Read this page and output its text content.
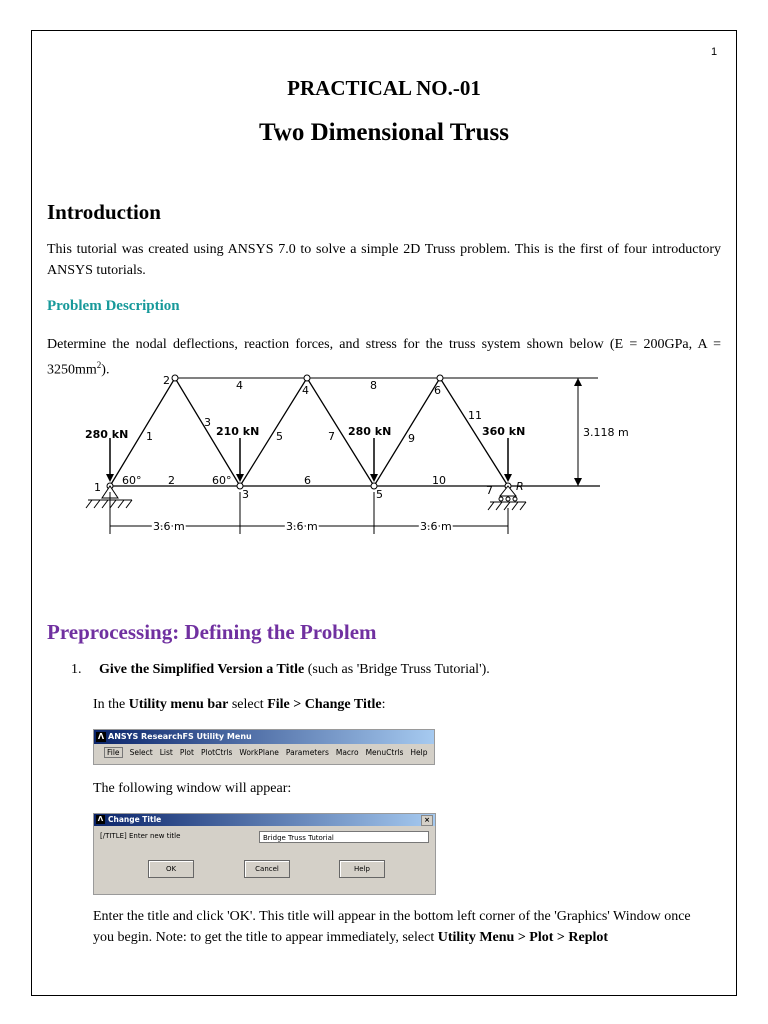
1
PRACTICAL NO.-01
Two Dimensional Truss
Introduction
This tutorial was created using ANSYS 7.0 to solve a simple 2D Truss problem. This is the first of four introductory ANSYS tutorials.
Problem Description
Determine the nodal deflections, reaction forces, and stress for the truss system shown below (E = 200GPa, $A = 3250mm^2$).
3.118 m
3.6 m	3.6 m	3.6 m
280 kN	210 kN	280 kN	360 kN
1
2
3
4
5
6
7
1
2
3
4
5
6
7
8
9
10
11
60°	60°	R
Preprocessing: Defining the Problem
1. Give the Simplified Version a Title (such as 'Bridge Truss Tutorial').
In the Utility menu bar select File > Change Title:
Λ ANSYS ResearchFS Utility Menu
File Select List Plot PlotCtrls WorkPlane Parameters Macro MenuCtrls Help
The following window will appear:
Λ Change Title	×
[/TITLE] Enter new title	Bridge Truss Tutorial
OK	Cancel	Help
Enter the title and click 'OK'. This title will appear in the bottom left corner of the 'Graphics' Window once you begin. Note: to get the title to appear immediately, select Utility Menu > Plot > Replot
